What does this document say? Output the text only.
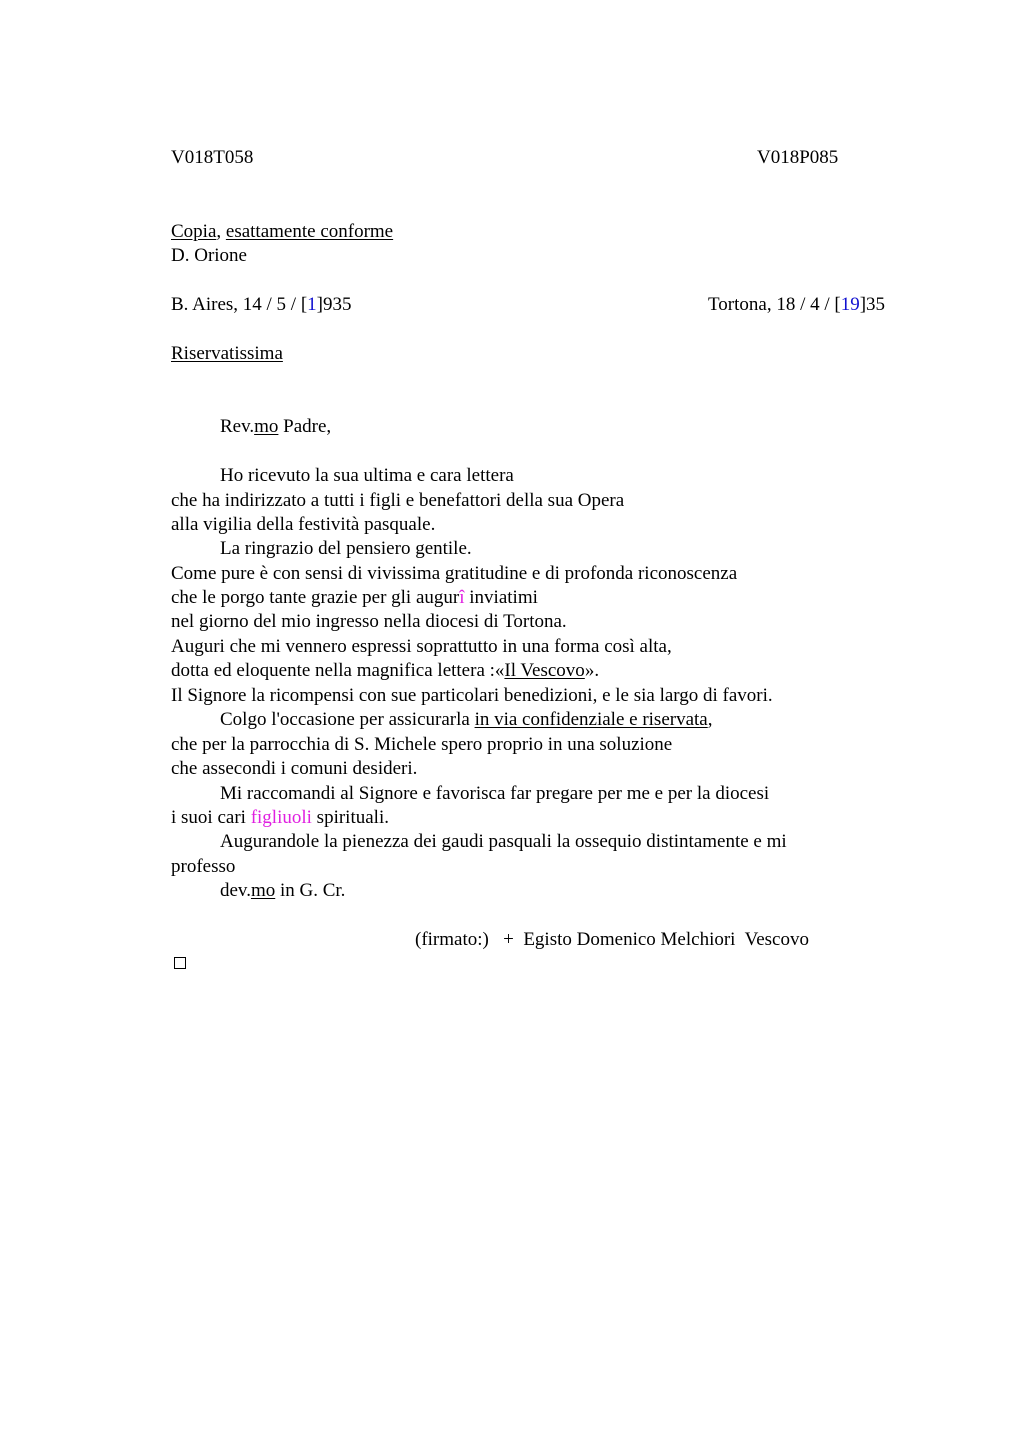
V018T058	V018P085
Copia, esattamente conforme
D. Orione
B. Aires, 14 / 5 / [1]935	Tortona, 18 / 4 / [19]35
Riservatissima
Rev.mo Padre,
Ho ricevuto la sua ultima e cara lettera
che ha indirizzato a tutti i figli e benefattori della sua Opera
alla vigilia della festività pasquale.
La ringrazio del pensiero gentile.
Come pure è con sensi di vivissima gratitudine e di profonda riconoscenza
che le porgo tante grazie per gli augurî inviatimi
nel giorno del mio ingresso nella diocesi di Tortona.
Auguri che mi vennero espressi soprattutto in una forma così alta,
dotta ed eloquente nella magnifica lettera :«Il Vescovo».
Il Signore la ricompensi con sue particolari benedizioni, e le sia largo di favori.
Colgo l'occasione per assicurarla in via confidenziale e riservata,
che per la parrocchia di S. Michele spero proprio in una soluzione
che assecondi i comuni desideri.
Mi raccomandi al Signore e favorisca far pregare per me e per la diocesi
i suoi cari figliuoli spirituali.
Augurandole la pienezza dei gaudi pasquali la ossequio distintamente e mi
professo
dev.mo in G. Cr.
(firmato:)   +  Egisto Domenico Melchiori  Vescovo
